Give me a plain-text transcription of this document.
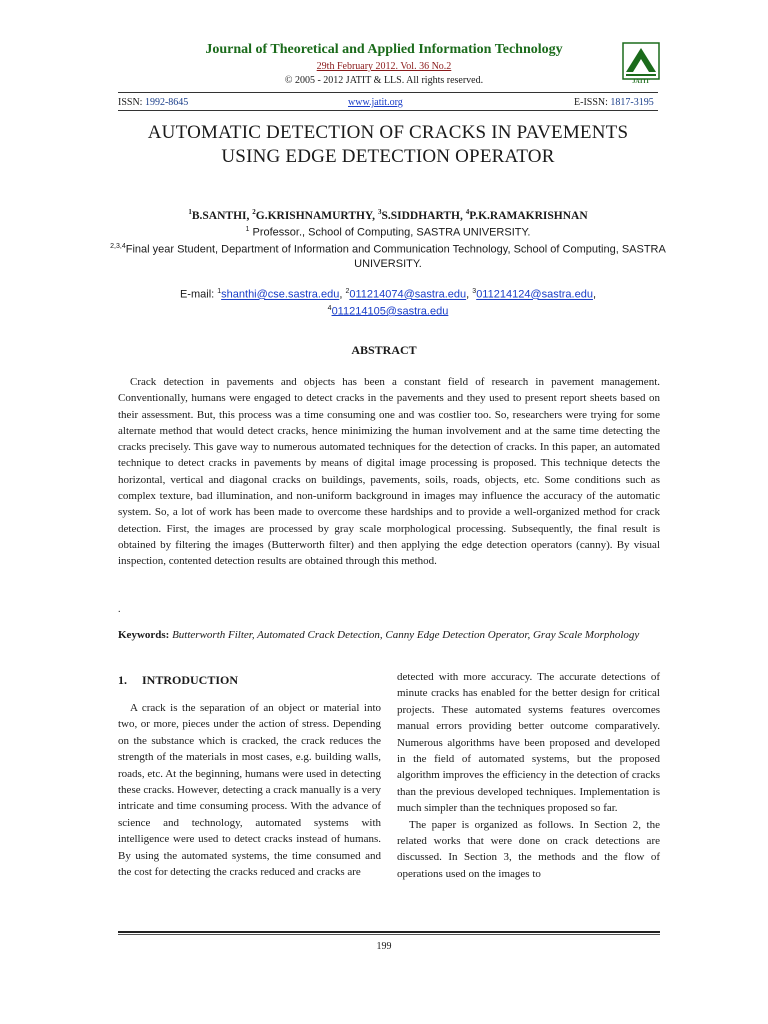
Journal of Theoretical and Applied Information Technology
29th February 2012. Vol. 36 No.2
© 2005 - 2012 JATIT & LLS. All rights reserved.	JATIT
ISSN: 1992-8645	www.jatit.org	E-ISSN: 1817-3195
AUTOMATIC DETECTION OF CRACKS IN PAVEMENTS
USING EDGE DETECTION OPERATOR
$^1$B.SANTHI, $^2$G.KRISHNAMURTHY, $^3$S.SIDDHARTH, $^4$P.K.RAMAKRISHNAN
$^1$ Professor., School of Computing, SASTRA UNIVERSITY.
$^{2,3,4}$Final year Student, Department of Information and Communication Technology, School of Computing, SASTRA UNIVERSITY.
E-mail: $^1$shanthi@cse.sastra.edu, $^2$011214074@sastra.edu, $^3$011214124@sastra.edu,
$^4$011214105@sastra.edu
ABSTRACT
Crack detection in pavements and objects has been a constant field of research in pavement management. Conventionally, humans were engaged to detect cracks in the pavements and they used to present report sheets based on their assessment. But, this process was a time consuming one and was costlier too. So, researchers were trying for some alternate method that would detect cracks, hence minimizing the human involvement and at the same time detecting the cracks precisely. This gave way to numerous automated techniques for the detection of cracks. In this paper, an automated technique to detect cracks in pavements by means of digital image processing is proposed. This technique detects the horizontal, vertical and diagonal cracks on buildings, pavements, soils, roads, objects, etc. Some conditions such as complex texture, bad illumination, and non-uniform background in images may influence the accuracy of the automatic system. So, a lot of work has been made to overcome these hardships and to provide a well-organized method for crack detection. First, the images are processed by gray scale morphological processing. Subsequently, the final result is obtained by filtering the images (Butterworth filter) and then applying the edge detection operators (canny). By visual inspection, contented detection results are obtained through this method.
.
Keywords: Butterworth Filter, Automated Crack Detection, Canny Edge Detection Operator, Gray Scale Morphology
1.     INTRODUCTION

A crack is the separation of an object or material into two, or more, pieces under the action of stress. Depending on the substance which is cracked, the crack reduces the strength of the materials in most cases, e.g. building walls, roads, etc. At the beginning, humans were used in detecting these cracks. However, detecting a crack manually is a very intricate and time consuming process. With the advance of science and technology, automated systems with intelligence were used to detect cracks instead of humans. By using the automated systems, the time consumed and the cost for detecting the cracks reduced and cracks are

detected with more accuracy. The accurate detections of minute cracks has enabled for the better design for critical projects. These automated systems features overcomes manual errors providing better outcome comparatively. Numerous algorithms have been proposed and developed in the field of automated systems, but the proposed algorithm improves the efficiency in the detection of cracks than the previous developed techniques. Implementation is much simpler than the techniques proposed so far.

The paper is organized as follows. In Section 2, the related works that were done on crack detections are discussed. In Section 3, the methods and the flow of operations used on the images to

199
